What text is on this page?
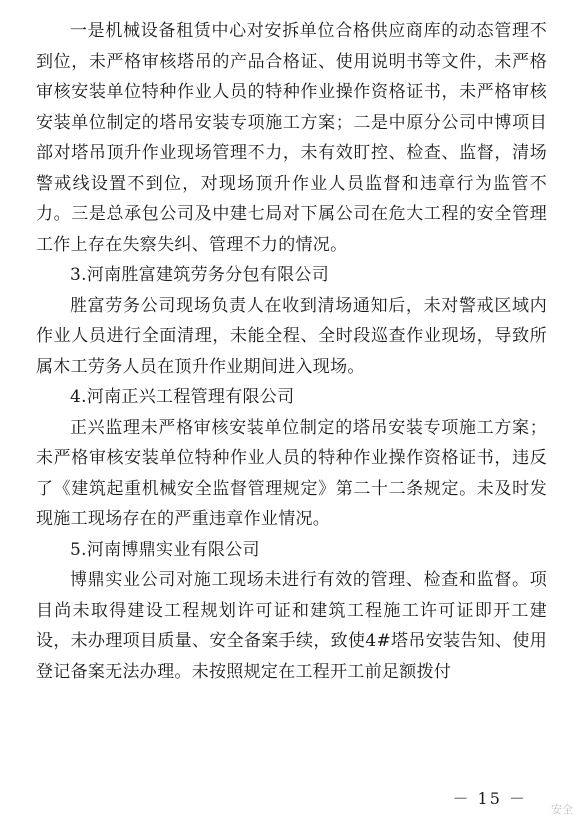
一是机械设备租赁中心对安拆单位合格供应商库的动态管理不到位，未严格审核塔吊的产品合格证、使用说明书等文件，未严格审核安装单位特种作业人员的特种作业操作资格证书，未严格审核安装单位制定的塔吊安装专项施工方案；二是中原分公司中博项目部对塔吊顶升作业现场管理不力，未有效盯控、检查、监督，清场警戒线设置不到位，对现场顶升作业人员监督和违章行为监管不力。三是总承包公司及中建七局对下属公司在危大工程的安全管理工作上存在失察失纠、管理不力的情况。

3.河南胜富建筑劳务分包有限公司

胜富劳务公司现场负责人在收到清场通知后，未对警戒区域内作业人员进行全面清理，未能全程、全时段巡查作业现场，导致所属木工劳务人员在顶升作业期间进入现场。

4.河南正兴工程管理有限公司

正兴监理未严格审核安装单位制定的塔吊安装专项施工方案；未严格审核安装单位特种作业人员的特种作业操作资格证书，违反了《建筑起重机械安全监督管理规定》第二十二条规定。未及时发现施工现场存在的严重违章作业情况。

5.河南博鼎实业有限公司

博鼎实业公司对施工现场未进行有效的管理、检查和监督。项目尚未取得建设工程规划许可证和建筑工程施工许可证即开工建设，未办理项目质量、安全备案手续，致使4#塔吊安装告知、使用登记备案无法办理。未按照规定在工程开工前足额拨付

－ 15 －
安全
